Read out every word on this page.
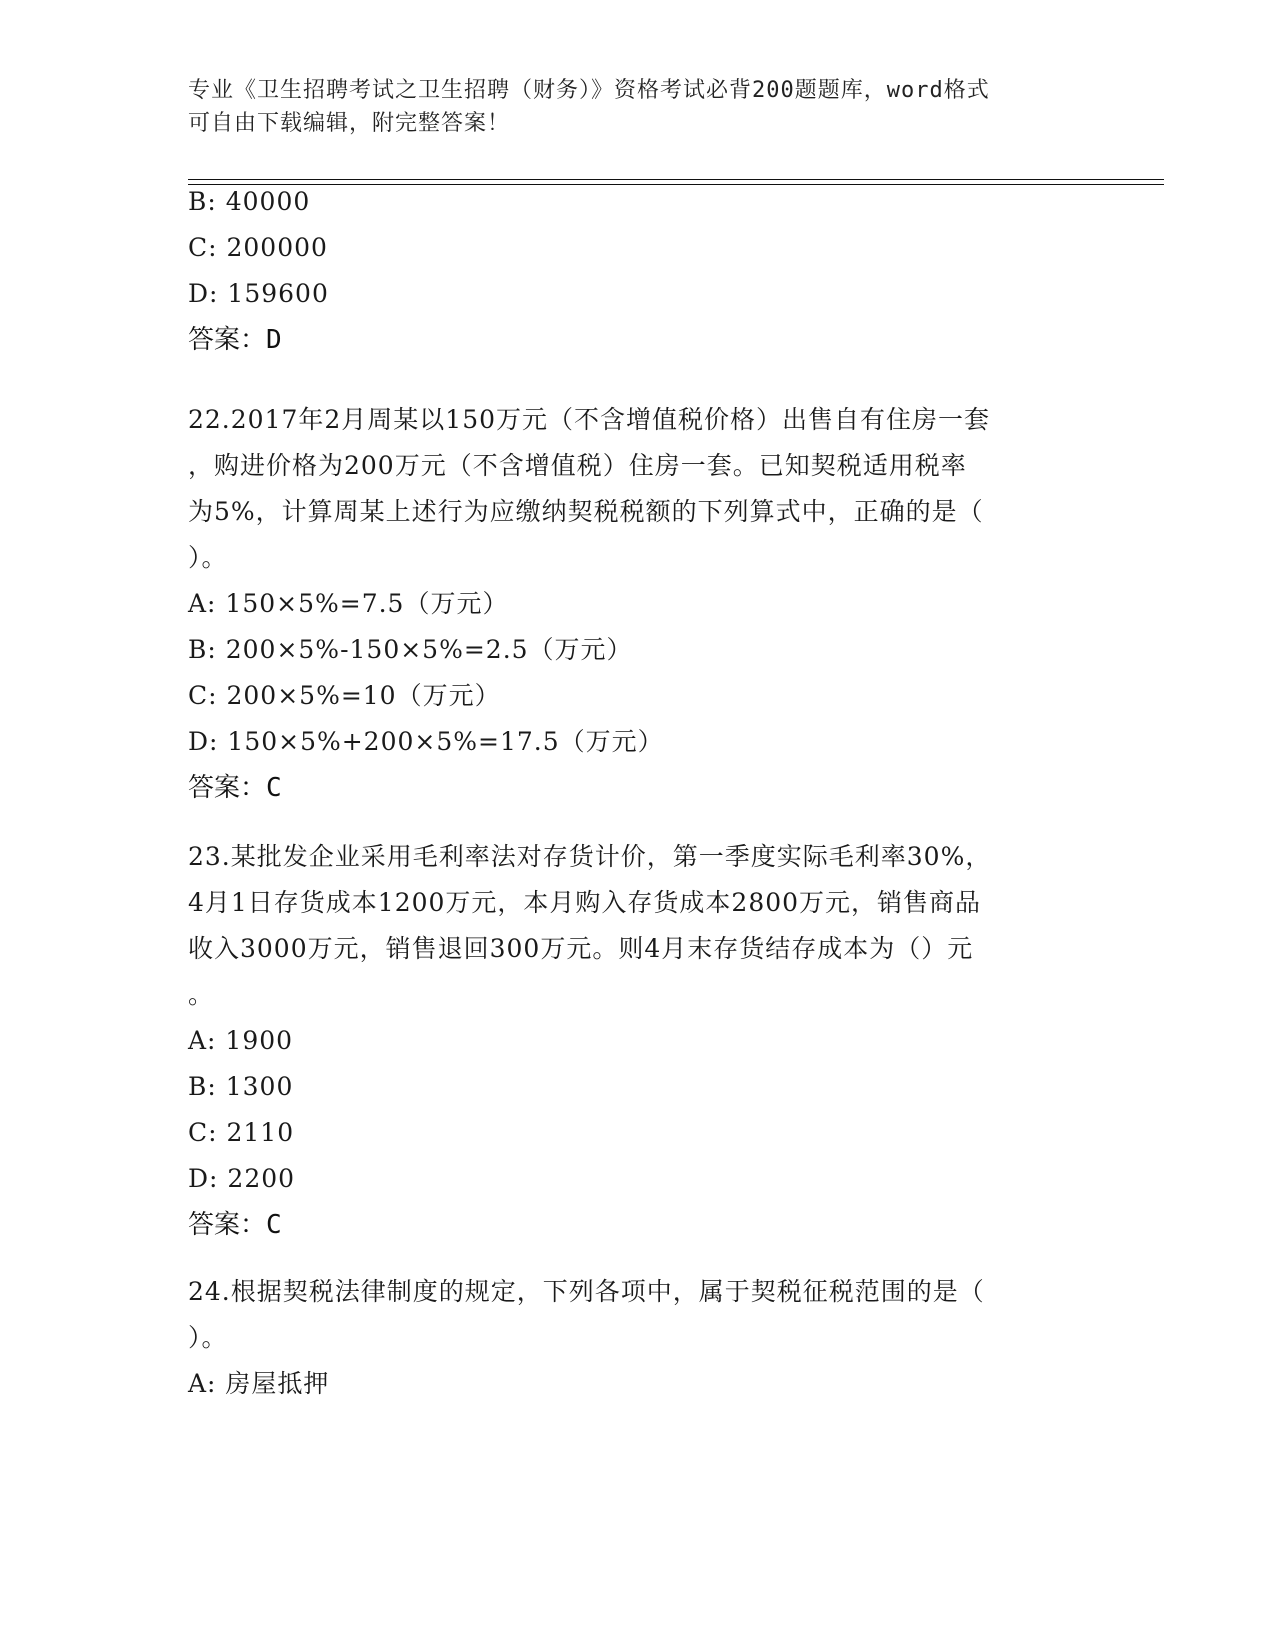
专业《卫生招聘考试之卫生招聘（财务）》资格考试必背200题题库，word格式
可自由下载编辑，附完整答案！
B: 40000
C: 200000
D: 159600
答案：D
22.2017年2月周某以150万元（不含增值税价格）出售自有住房一套
，购进价格为200万元（不含增值税）住房一套。已知契税适用税率
为5%，计算周某上述行为应缴纳契税税额的下列算式中，正确的是（
）。
A: 150×5%=7.5（万元）
B: 200×5%-150×5%=2.5（万元）
C: 200×5%=10（万元）
D: 150×5%+200×5%=17.5（万元）
答案：C
23.某批发企业采用毛利率法对存货计价，第一季度实际毛利率30%，
4月1日存货成本1200万元，本月购入存货成本2800万元，销售商品
收入3000万元，销售退回300万元。则4月末存货结存成本为（）元
。
A: 1900
B: 1300
C: 2110
D: 2200
答案：C
24.根据契税法律制度的规定，下列各项中，属于契税征税范围的是（
）。
A: 房屋抵押
